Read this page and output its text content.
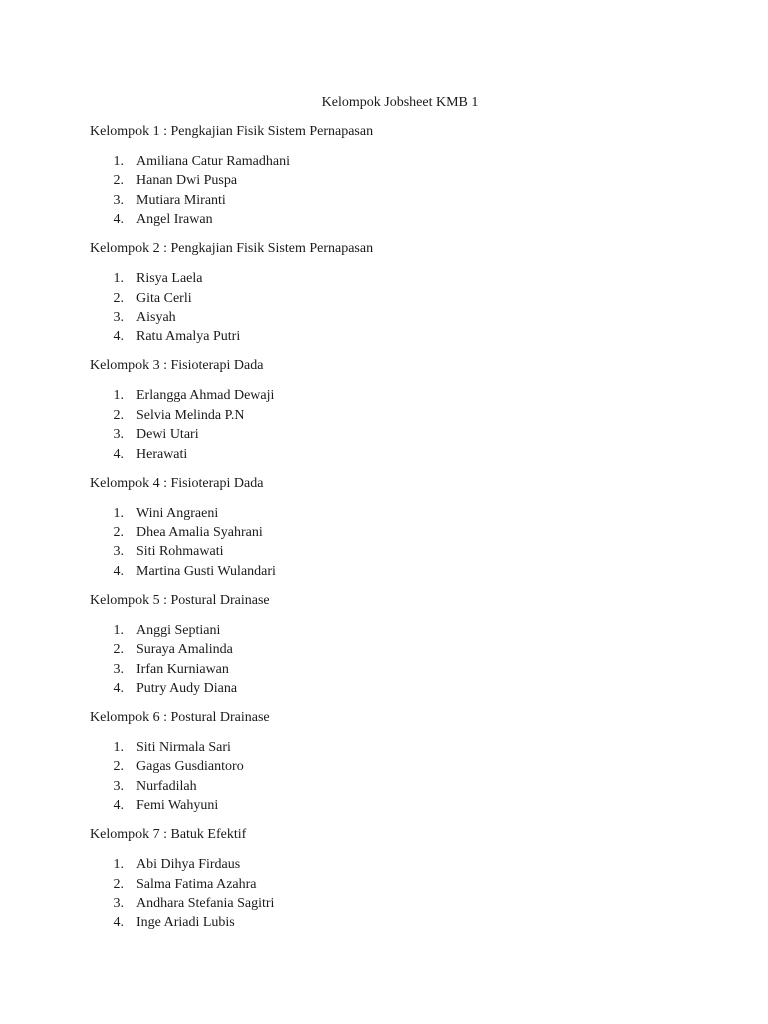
Kelompok Jobsheet KMB 1
Kelompok 1 : Pengkajian Fisik Sistem Pernapasan
1. Amiliana Catur Ramadhani
2. Hanan Dwi Puspa
3. Mutiara Miranti
4. Angel Irawan
Kelompok 2 : Pengkajian Fisik Sistem Pernapasan
1. Risya Laela
2. Gita Cerli
3. Aisyah
4. Ratu Amalya Putri
Kelompok 3 : Fisioterapi Dada
1. Erlangga Ahmad Dewaji
2. Selvia Melinda P.N
3. Dewi Utari
4. Herawati
Kelompok 4 : Fisioterapi Dada
1. Wini Angraeni
2. Dhea Amalia Syahrani
3. Siti Rohmawati
4. Martina Gusti Wulandari
Kelompok 5 : Postural Drainase
1. Anggi Septiani
2. Suraya Amalinda
3. Irfan Kurniawan
4. Putry Audy Diana
Kelompok 6 : Postural Drainase
1. Siti Nirmala Sari
2. Gagas Gusdiantoro
3. Nurfadilah
4. Femi Wahyuni
Kelompok 7 : Batuk Efektif
1. Abi Dihya Firdaus
2. Salma Fatima Azahra
3. Andhara Stefania Sagitri
4. Inge Ariadi Lubis
